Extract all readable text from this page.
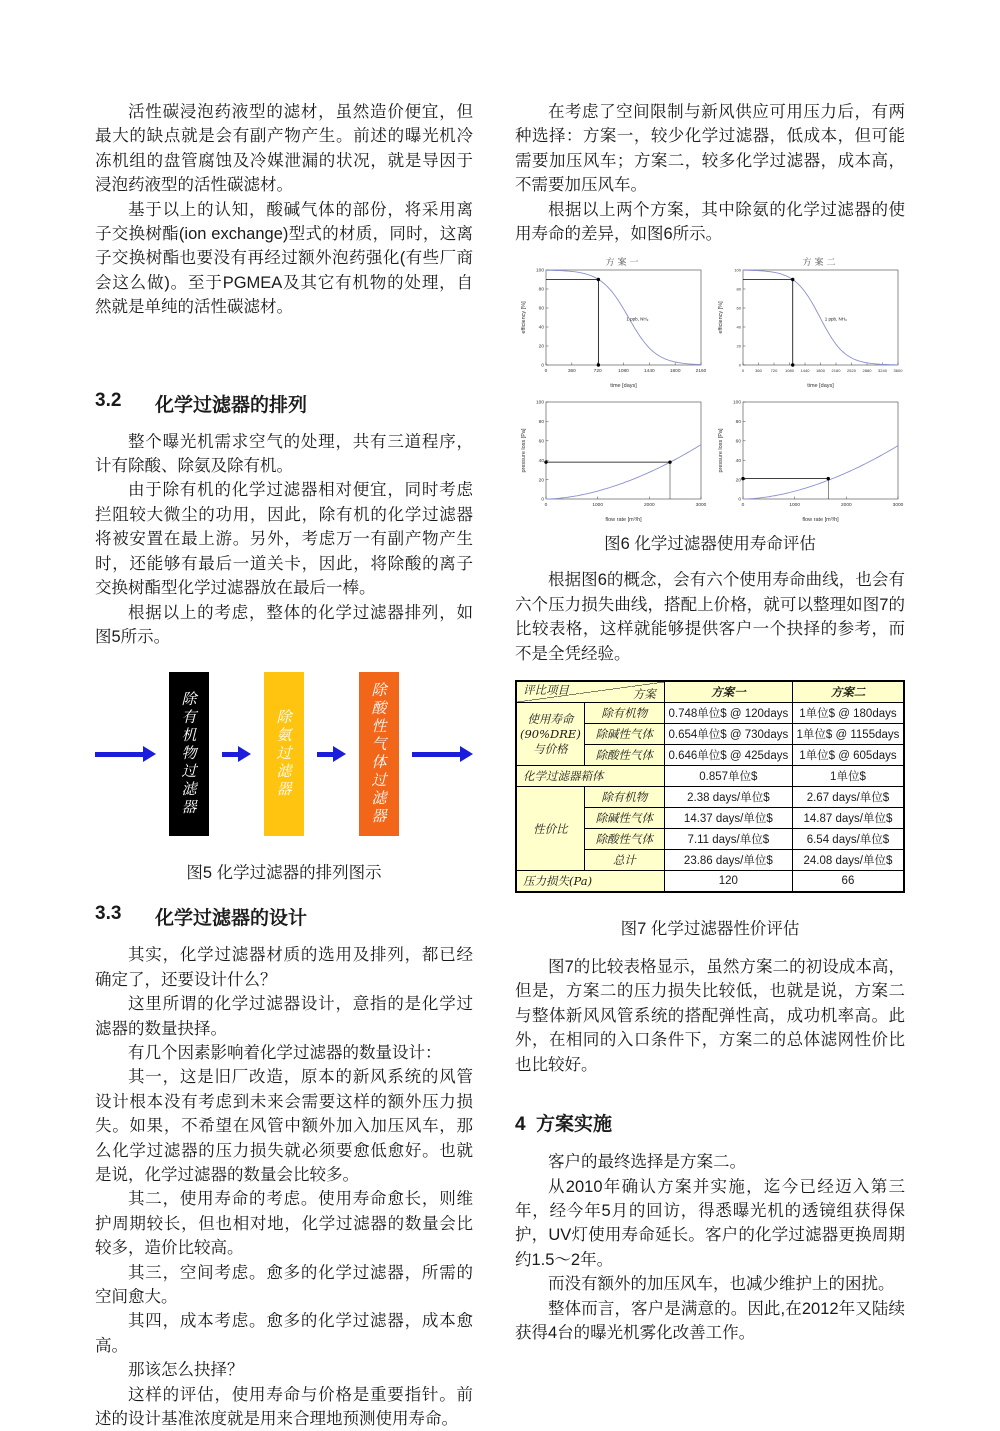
活性碳浸泡药液型的滤材，虽然造价便宜，但最大的缺点就是会有副产物产生。前述的曝光机冷冻机组的盘管腐蚀及冷媒泄漏的状况，就是导因于浸泡药液型的活性碳滤材。

基于以上的认知，酸碱气体的部份，将采用离子交换树酯(ion exchange)型式的材质，同时，这离子交换树酯也要没有再经过额外泡药强化(有些厂商会这么做)。至于PGMEA及其它有机物的处理，自然就是单纯的活性碳滤材。

3.2	化学过滤器的排列

整个曝光机需求空气的处理，共有三道程序，计有除酸、除氨及除有机。

由于除有机的化学过滤器相对便宜，同时考虑拦阻较大微尘的功用，因此，除有机的化学过滤器将被安置在最上游。另外，考虑万一有副产物产生时，还能够有最后一道关卡，因此，将除酸的离子交换树酯型化学过滤器放在最后一棒。

根据以上的考虑，整体的化学过滤器排列，如图5所示。

除有机物过滤器	除氨过滤器	除酸性气体过滤器
图5 化学过滤器的排列图示
3.3	化学过滤器的设计

其实，化学过滤器材质的选用及排列，都已经确定了，还要设计什么？

这里所谓的化学过滤器设计，意指的是化学过滤器的数量抉择。

有几个因素影响着化学过滤器的数量设计：

其一，这是旧厂改造，原本的新风系统的风管设计根本没有考虑到未来会需要这样的额外压力损失。如果，不希望在风管中额外加入加压风车，那么化学过滤器的压力损失就必须要愈低愈好。也就是说，化学过滤器的数量会比较多。

其二，使用寿命的考虑。使用寿命愈长，则维护周期较长，但也相对地，化学过滤器的数量会比较多，造价比较高。

其三，空间考虑。愈多的化学过滤器，所需的空间愈大。

其四，成本考虑。愈多的化学过滤器，成本愈高。

那该怎么抉择？

这样的评估，使用寿命与价格是重要指针。前述的设计基准浓度就是用来合理地预测使用寿命。

在考虑了空间限制与新风供应可用压力后，有两种选择：方案一，较少化学过滤器，低成本，但可能需要加压风车；方案二，较多化学过滤器，成本高，不需要加压风车。

根据以上两个方案，其中除氨的化学过滤器的使用寿命的差异，如图6所示。

方案一
0	360	720	1080	1440	1800	2160
0
20
40
60
80
100
time [days]
efficiency [%]	1 ppb, NH₃
方案二
0	360 720 1080 1440 1800 2160 2520 2880 3240 3600
0
20
40
60
80
100
time [days]
efficiency [%]	1 ppb, NH₃
0	1000	2000	3000
0
20
40
60
80
100
flow rate [m³/h]
pressure loss [Pa]
0	1000	2000	3000
0
20
40
60
80
100
flow rate [m³/h]
pressure loss [Pa]
图6 化学过滤器使用寿命评估

根据图6的概念，会有六个使用寿命曲线，也会有六个压力损失曲线，搭配上价格，就可以整理如图7的比较表格，这样就能够提供客户一个抉择的参考，而不是全凭经验。

方案
评比项目		方案一	方案二
使用寿命
(90%DRE)
与价格	除有机物	0.748单位$ @ 120days	1单位$ @ 180days
	除碱性气体	0.654单位$ @ 730days	1单位$ @ 1155days
	除酸性气体	0.646单位$ @ 425days	1单位$ @ 605days
化学过滤器箱体		0.857单位$	1单位$
性价比	除有机物	2.38 days/单位$	2.67 days/单位$
	除碱性气体	14.37 days/单位$	14.87 days/单位$
	除酸性气体	7.11 days/单位$	6.54 days/单位$
	总计	23.86 days/单位$	24.08 days/单位$
压力损失(Pa)		120	66
图7 化学过滤器性价评估

图7的比较表格显示，虽然方案二的初设成本高，但是，方案二的压力损失比较低，也就是说，方案二与整体新风风管系统的搭配弹性高，成功机率高。此外，在相同的入口条件下，方案二的总体滤网性价比也比较好。

4 方案实施

客户的最终选择是方案二。

从2010年确认方案并实施，迄今已经迈入第三年，经今年5月的回访，得悉曝光机的透镜组获得保护，UV灯使用寿命延长。客户的化学过滤器更换周期约1.5～2年。

而没有额外的加压风车，也减少维护上的困扰。

整体而言，客户是满意的。因此,在2012年又陆续获得4台的曝光机雾化改善工作。
